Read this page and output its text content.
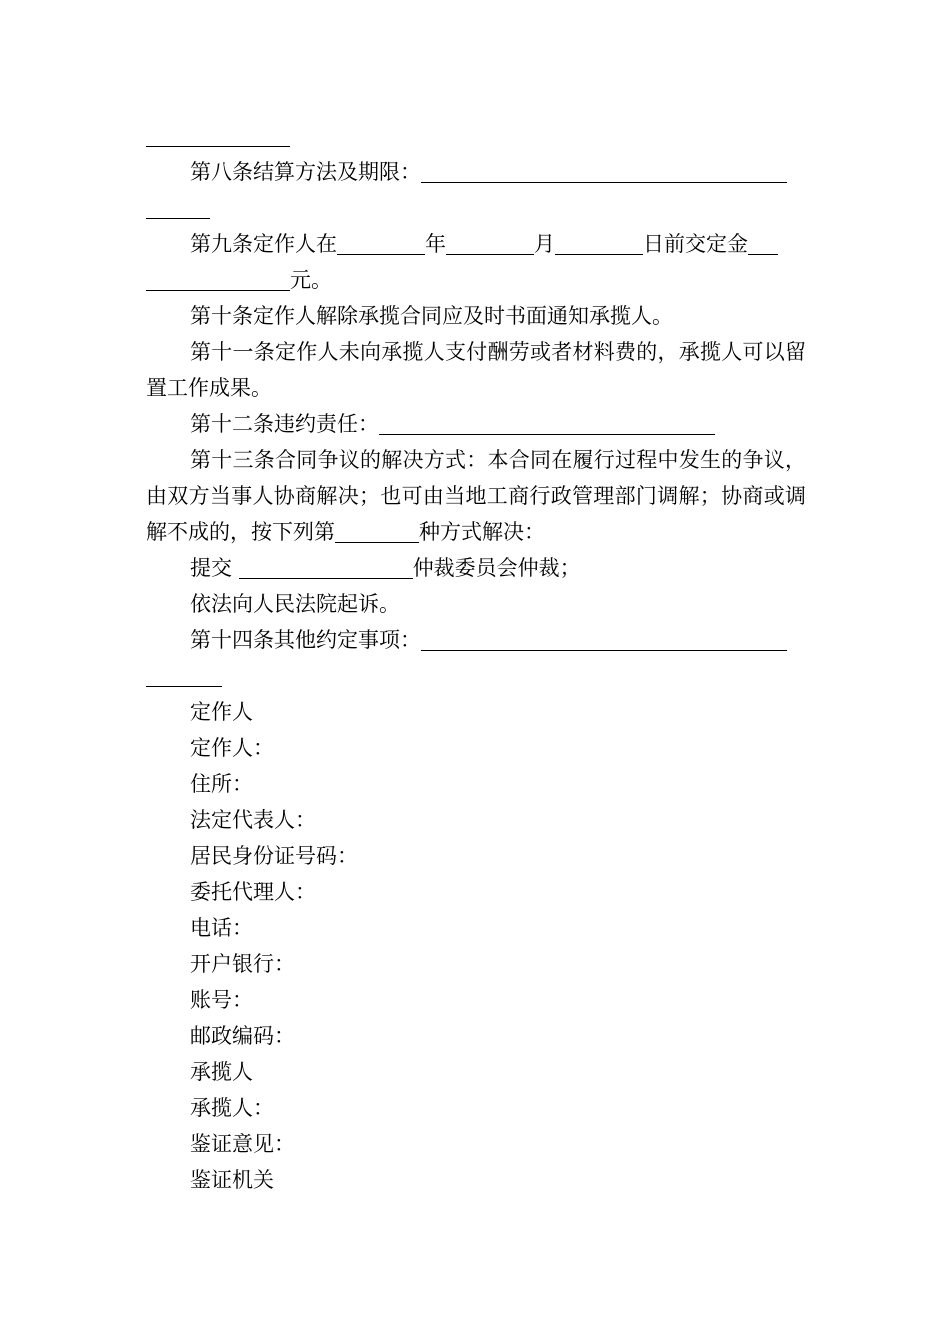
第八条结算方法及期限：

第九条定作人在	年	月	日前交定金

元。

第十条定作人解除承揽合同应及时书面通知承揽人。

第十一条定作人未向承揽人支付酬劳或者材料费的，承揽人可以留置工作成果。

第十二条违约责任：

第十三条合同争议的解决方式：本合同在履行过程中发生的争议，由双方当事人协商解决；也可由当地工商行政管理部门调解；协商或调解不成的，按下列第	种方式解决：

提交	仲裁委员会仲裁；

依法向人民法院起诉。

第十四条其他约定事项：

定作人

定作人：

住所：

法定代表人：

居民身份证号码：

委托代理人：

电话：

开户银行：

账号：

邮政编码：

承揽人

承揽人：

鉴证意见：

鉴证机关
